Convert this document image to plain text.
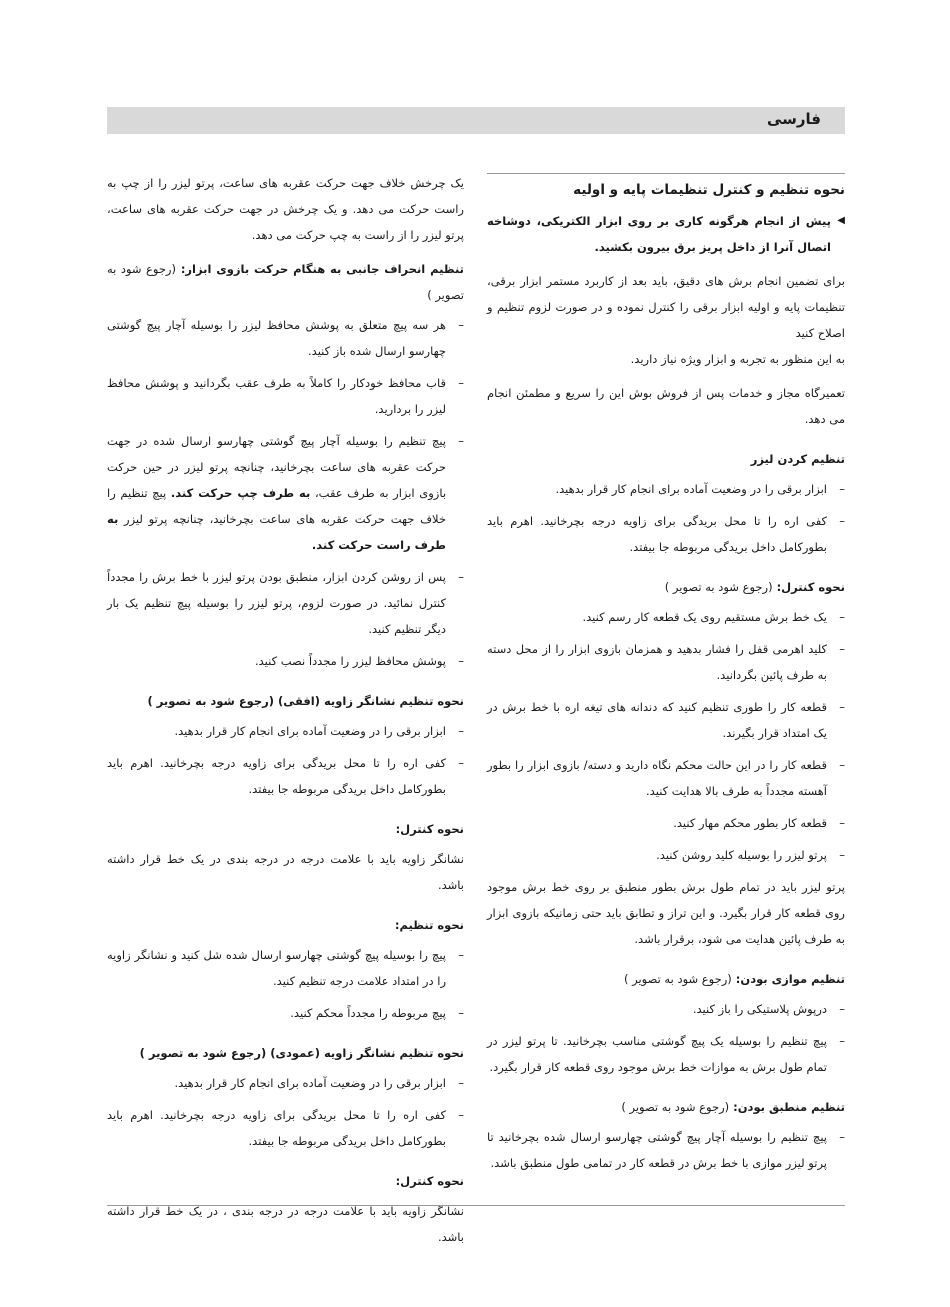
فارسی
نحوه تنظیم و کنترل تنظیمات پایه و اولیه

◀
پیش از انجام هرگونه کاری بر روی ابزار الکتریکی، دوشاخه اتصال آنرا از داخل پریز برق بیرون بکشید.

برای تضمین انجام برش های دقیق، باید بعد از کاربرد مستمر ابزار برقی، تنظیمات پایه و اولیه ابزار برقی را کنترل نموده و در صورت لزوم تنظیم و اصلاح کنید

به این منظور به تجربه و ابزار ویژه نیاز دارید.

تعمیرگاه مجاز و خدمات پس از فروش بوش این را سریع و مطمئن انجام می دهد.

تنظیم کردن لیزر
–
ابزار برقی را در وضعیت آماده برای انجام کار قرار بدهید.
–
کفی اره را تا محل بریدگی برای زاویه درجه بچرخانید. اهرم باید بطورکامل داخل بریدگی مربوطه جا بیفتد.
نحوه کنترل: (رجوع شود به تصویر )
–
یک خط برش مستقیم روی یک قطعه کار رسم کنید.
–
کلید اهرمی قفل را فشار بدهید و همزمان بازوی ابزار را از محل دسته به طرف پائین بگردانید.
–
قطعه کار را طوری تنظیم کنید که دندانه های تیغه اره با خط برش در یک امتداد قرار بگیرند.
–
قطعه کار را در این حالت محکم نگاه دارید و دسته/ بازوی ابزار را بطور آهسته مجدداً به طرف بالا هدایت کنید.
–
قطعه کار بطور محکم مهار کنید.
–
پرتو لیزر را بوسیله کلید روشن کنید.

پرتو لیزر باید در تمام طول برش بطور منطبق بر روی خط برش موجود روی قطعه کار قرار بگیرد. و این تراز و تطابق باید حتی زمانیکه بازوی ابزار به طرف پائین هدایت می شود، برقرار باشد.

تنظیم موازی بودن: (رجوع شود به تصویر )
–
درپوش پلاستیکی را باز کنید.
–
پیچ تنظیم را بوسیله یک پیچ گوشتی مناسب بچرخانید. تا پرتو لیزر در تمام طول برش به موازات خط برش موجود روی قطعه کار قرار بگیرد.
تنظیم منطبق بودن: (رجوع شود به تصویر )
–
پیچ تنظیم را بوسیله آچار پیچ گوشتی چهارسو ارسال شده بچرخانید تا پرتو لیزر موازی با خط برش در قطعه کار در تمامی طول منطبق باشد.

یک چرخش خلاف جهت حرکت عقربه های ساعت، پرتو لیزر را از چپ به راست حرکت می دهد. و یک چرخش در جهت حرکت عقربه های ساعت، پرتو لیزر را از راست به چپ حرکت می دهد.

تنظیم انحراف جانبی به هنگام حرکت بازوی ابزار: (رجوع شود به تصویر )
–
هر سه پیچ متعلق به پوشش محافظ لیزر را بوسیله آچار پیچ گوشتی چهارسو ارسال شده باز کنید.
–
قاب محافظ خودکار را کاملاً به طرف عقب بگردانید و پوشش محافظ لیزر را بردارید.
–
پیچ تنظیم را بوسیله آچار پیچ گوشتی چهارسو ارسال شده در جهت حرکت عقربه های ساعت بچرخانید، چنانچه پرتو لیزر در حین حرکت بازوی ابزار به طرف عقب، به طرف چپ حرکت کند. پیچ تنظیم را خلاف جهت حرکت عقربه های ساعت بچرخانید، چنانچه پرتو لیزر به طرف راست حرکت کند.
–
پس از روشن کردن ابزار، منطبق بودن پرتو لیزر با خط برش را مجدداً کنترل نمائید. در صورت لزوم، پرتو لیزر را بوسیله پیچ تنظیم یک بار دیگر تنظیم کنید.
–
پوشش محافظ لیزر را مجدداً نصب کنید.
نحوه تنظیم نشانگر زاویه (افقی) (رجوع شود به تصویر )
–
ابزار برقی را در وضعیت آماده برای انجام کار قرار بدهید.
–
کفی اره را تا محل بریدگی برای زاویه درجه بچرخانید. اهرم باید بطورکامل داخل بریدگی مربوطه جا بیفتد.
نحوه کنترل:

نشانگر زاویه باید با علامت درجه در درجه بندی در یک خط قرار داشته باشد.

نحوه تنظیم:
–
پیچ را بوسیله پیچ گوشتی چهارسو ارسال شده شل کنید و نشانگر زاویه را در امتداد علامت درجه تنظیم کنید.
–
پیچ مربوطه را مجدداً محکم کنید.
نحوه تنظیم نشانگر زاویه (عمودی) (رجوع شود به تصویر )
–
ابزار برقی را در وضعیت آماده برای انجام کار قرار بدهید.
–
کفی اره را تا محل بریدگی برای زاویه درجه بچرخانید. اهرم باید بطورکامل داخل بریدگی مربوطه جا بیفتد.
نحوه کنترل:

نشانگر زاویه باید با علامت درجه در درجه بندی ، در یک خط قرار داشته باشد.
